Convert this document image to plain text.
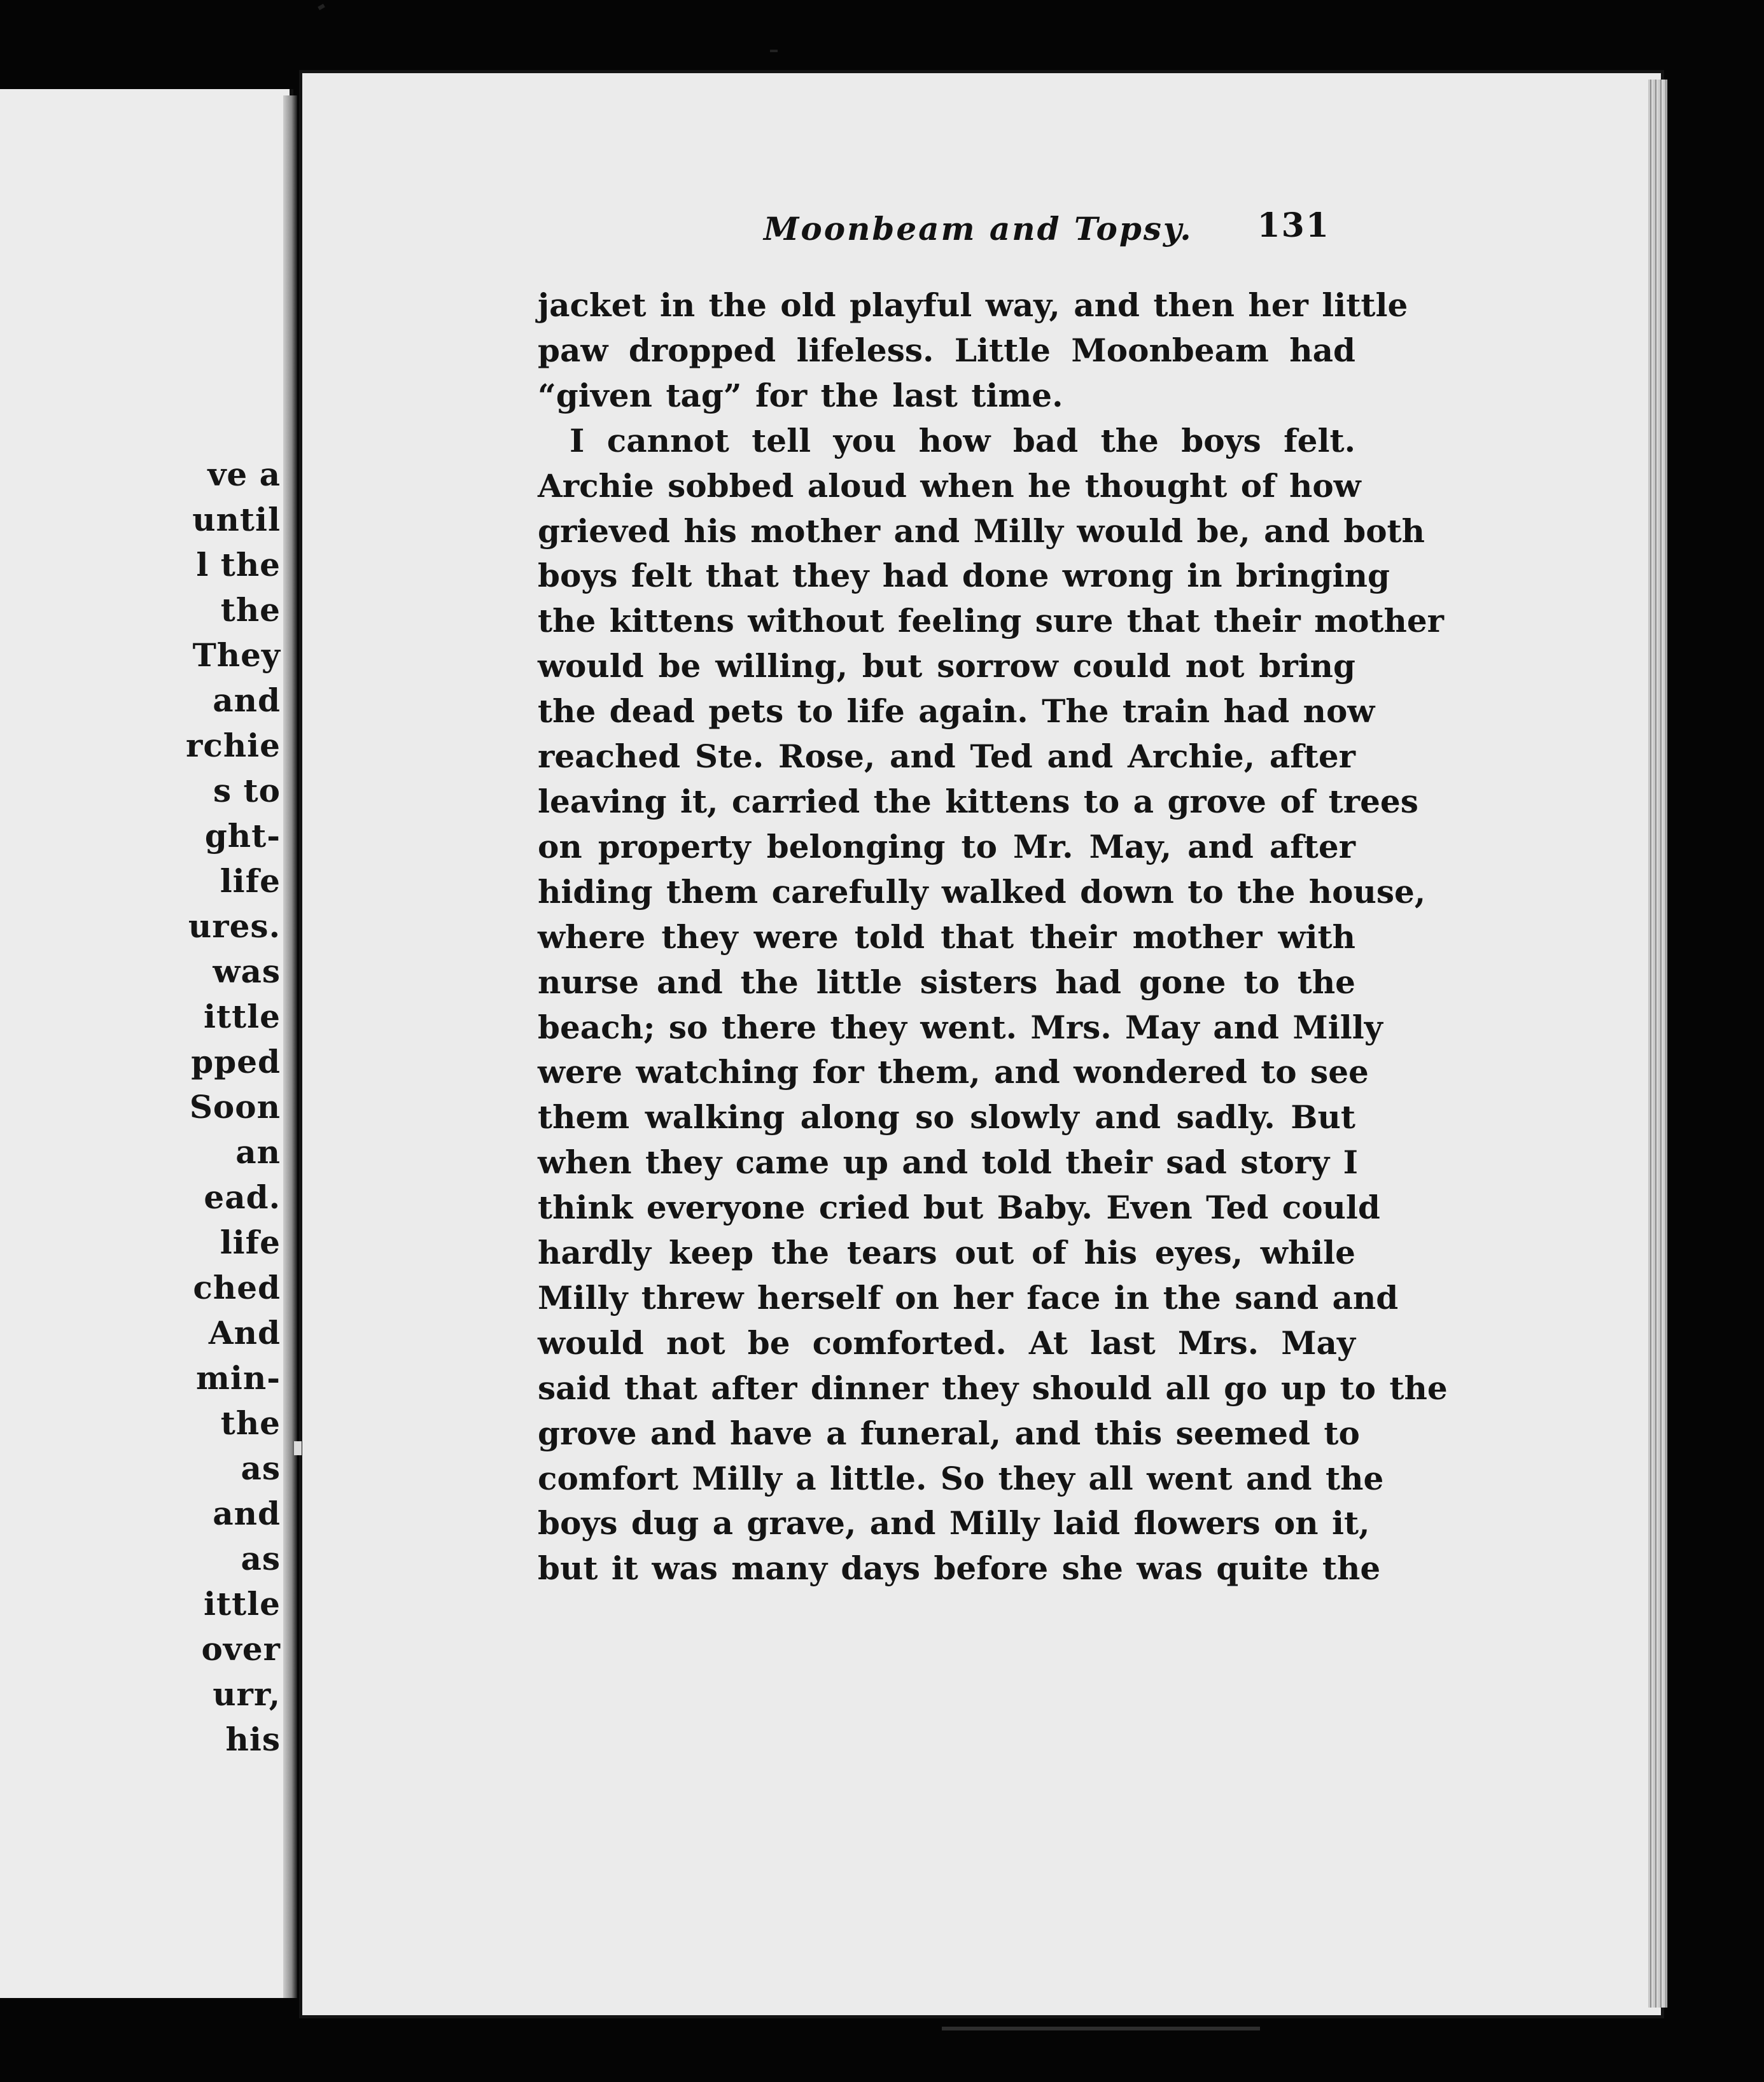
ve a
until
l the
the
They
and
rchie
s to
ght-
life
ures.
was
ittle
pped
Soon
an
ead.
life
ched
And
min-
the
as
and
as
ittle
over
urr,
his
Moonbeam and Topsy. 131
jacket in the old playful way, and then her little
paw dropped lifeless. Little Moonbeam had
“given tag” for the last time.
I cannot tell you how bad the boys felt.
Archie sobbed aloud when he thought of how
grieved his mother and Milly would be, and both
boys felt that they had done wrong in bringing
the kittens without feeling sure that their mother
would be willing, but sorrow could not bring
the dead pets to life again. The train had now
reached Ste. Rose, and Ted and Archie, after
leaving it, carried the kittens to a grove of trees
on property belonging to Mr. May, and after
hiding them carefully walked down to the house,
where they were told that their mother with
nurse and the little sisters had gone to the
beach; so there they went. Mrs. May and Milly
were watching for them, and wondered to see
them walking along so slowly and sadly. But
when they came up and told their sad story I
think everyone cried but Baby. Even Ted could
hardly keep the tears out of his eyes, while
Milly threw herself on her face in the sand and
would not be comforted. At last Mrs. May
said that after dinner they should all go up to the
grove and have a funeral, and this seemed to
comfort Milly a little. So they all went and the
boys dug a grave, and Milly laid flowers on it,
but it was many days before she was quite the
